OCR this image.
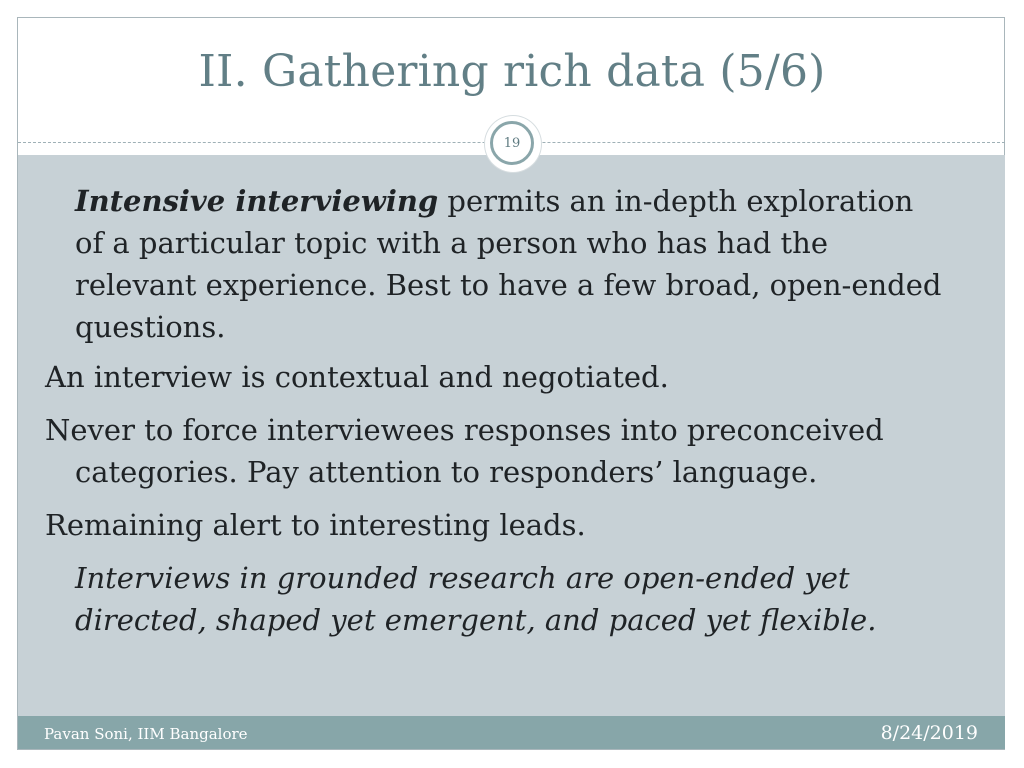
II. Gathering rich data (5/6)
19

Intensive interviewing permits an in-depth exploration of a particular topic with a person who has had the relevant experience. Best to have a few broad, open-ended questions.

An interview is contextual and negotiated.

Never to force interviewees responses into preconceived categories. Pay attention to responders’ language.

Remaining alert to interesting leads.

Interviews in grounded research are open-ended yet directed, shaped yet emergent, and paced yet flexible.

Pavan Soni, IIM Bangalore	8/24/2019
